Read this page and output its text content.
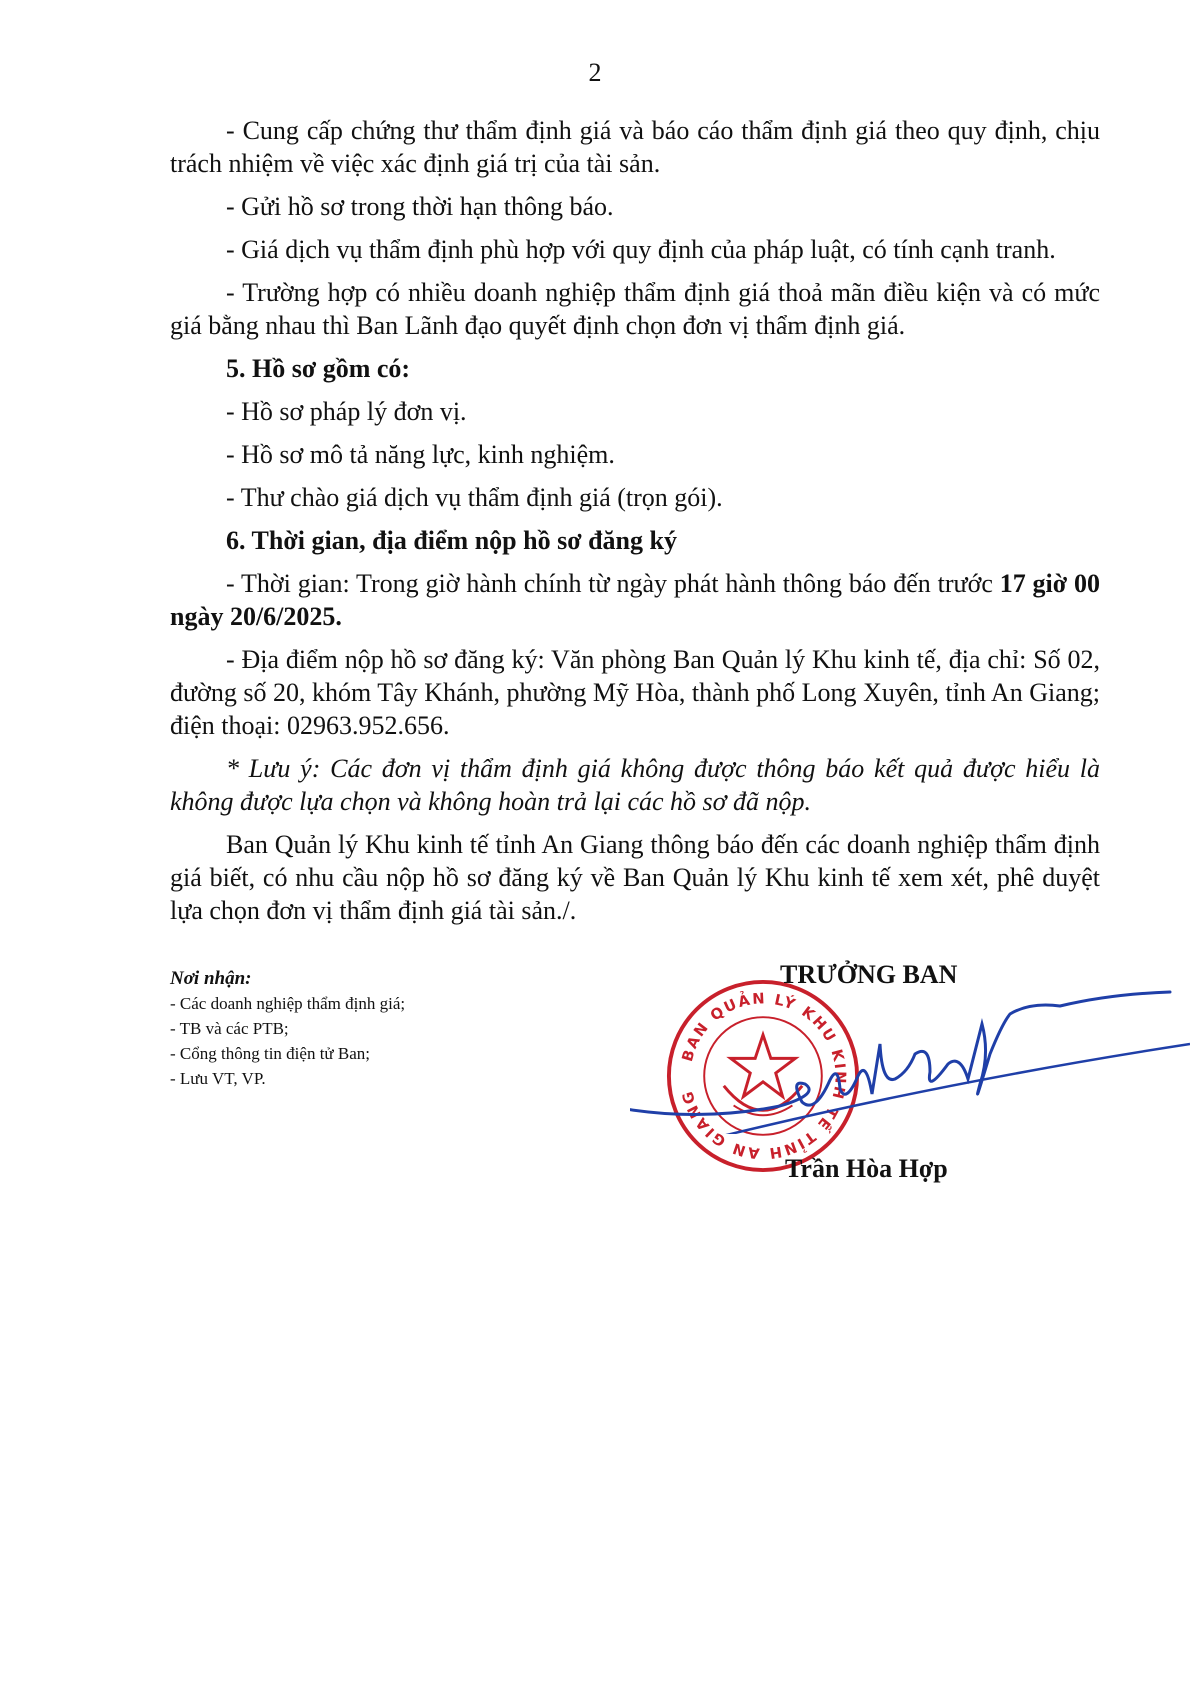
2

- Cung cấp chứng thư thẩm định giá và báo cáo thẩm định giá theo quy định, chịu trách nhiệm về việc xác định giá trị của tài sản.

- Gửi hồ sơ trong thời hạn thông báo.

- Giá dịch vụ thẩm định phù hợp với quy định của pháp luật, có tính cạnh tranh.

- Trường hợp có nhiều doanh nghiệp thẩm định giá thoả mãn điều kiện và có mức giá bằng nhau thì Ban Lãnh đạo quyết định chọn đơn vị thẩm định giá.

5. Hồ sơ gồm có:

- Hồ sơ pháp lý đơn vị.

- Hồ sơ mô tả năng lực, kinh nghiệm.

- Thư chào giá dịch vụ thẩm định giá (trọn gói).

6. Thời gian, địa điểm nộp hồ sơ đăng ký

- Thời gian: Trong giờ hành chính từ ngày phát hành thông báo đến trước 17 giờ 00 ngày 20/6/2025.

- Địa điểm nộp hồ sơ đăng ký: Văn phòng Ban Quản lý Khu kinh tế, địa chỉ: Số 02, đường số 20, khóm Tây Khánh, phường Mỹ Hòa, thành phố Long Xuyên, tỉnh An Giang; điện thoại: 02963.952.656.

* Lưu ý: Các đơn vị thẩm định giá không được thông báo kết quả được hiểu là không được lựa chọn và không hoàn trả lại các hồ sơ đã nộp.

Ban Quản lý Khu kinh tế tỉnh An Giang thông báo đến các doanh nghiệp thẩm định giá biết, có nhu cầu nộp hồ sơ đăng ký về Ban Quản lý Khu kinh tế xem xét, phê duyệt lựa chọn đơn vị thẩm định giá tài sản./.

Nơi nhận:
- Các doanh nghiệp thẩm định giá;
- TB và các PTB;
- Cổng thông tin điện tử Ban;
- Lưu VT, VP.
BAN QUẢN LÝ KHU KINH TẾ TỈNH AN GIANG
TRƯỞNG BAN
Trần Hòa Hợp
